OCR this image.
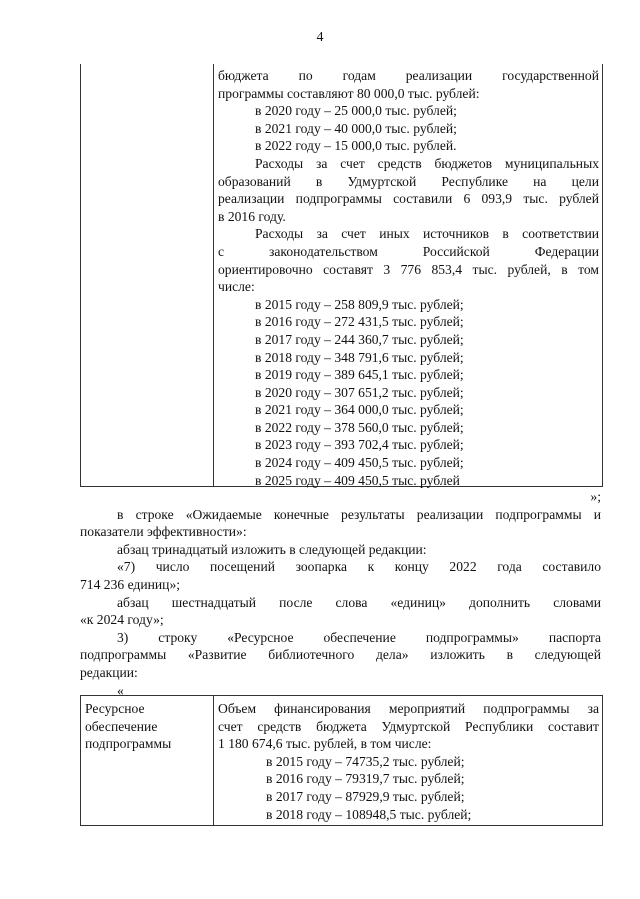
4

бюджета по годам реализации государственной

программы составляют 80 000,0 тыс. рублей:

в 2020 году – 25 000,0 тыс. рублей;

в 2021 году – 40 000,0 тыс. рублей;

в 2022 году – 15 000,0 тыс. рублей.

Расходы за счет средств бюджетов муниципальных

образований в Удмуртской Республике на цели

реализации подпрограммы составили 6 093,9 тыс. рублей

в 2016 году.

Расходы за счет иных источников в соответствии

с законодательством Российской Федерации

ориентировочно составят 3 776 853,4 тыс. рублей, в том

числе:

в 2015 году – 258 809,9 тыс. рублей;

в 2016 году – 272 431,5 тыс. рублей;

в 2017 году – 244 360,7 тыс. рублей;

в 2018 году – 348 791,6 тыс. рублей;

в 2019 году – 389 645,1 тыс. рублей;

в 2020 году – 307 651,2 тыс. рублей;

в 2021 году – 364 000,0 тыс. рублей;

в 2022 году – 378 560,0 тыс. рублей;

в 2023 году – 393 702,4 тыс. рублей;

в 2024 году – 409 450,5 тыс. рублей;

в 2025 году – 409 450,5 тыс. рублей

»;

в строке «Ожидаемые конечные результаты реализации подпрограммы и

показатели эффективности»:

абзац тринадцатый изложить в следующей редакции:

«7) число посещений зоопарка к концу 2022 года составило

714 236 единиц»;

абзац шестнадцатый после слова «единиц» дополнить словами

«к 2024 году»;

3) строку «Ресурсное обеспечение подпрограммы» паспорта

подпрограммы «Развитие библиотечного дела» изложить в следующей

редакции:

«

Ресурсное

обеспечение

подпрограммы

Объем финансирования мероприятий подпрограммы за

счет средств бюджета Удмуртской Республики составит

1 180 674,6 тыс. рублей, в том числе:

в 2015 году – 74735,2 тыс. рублей;

в 2016 году – 79319,7 тыс. рублей;

в 2017 году – 87929,9 тыс. рублей;

в 2018 году – 108948,5 тыс. рублей;
